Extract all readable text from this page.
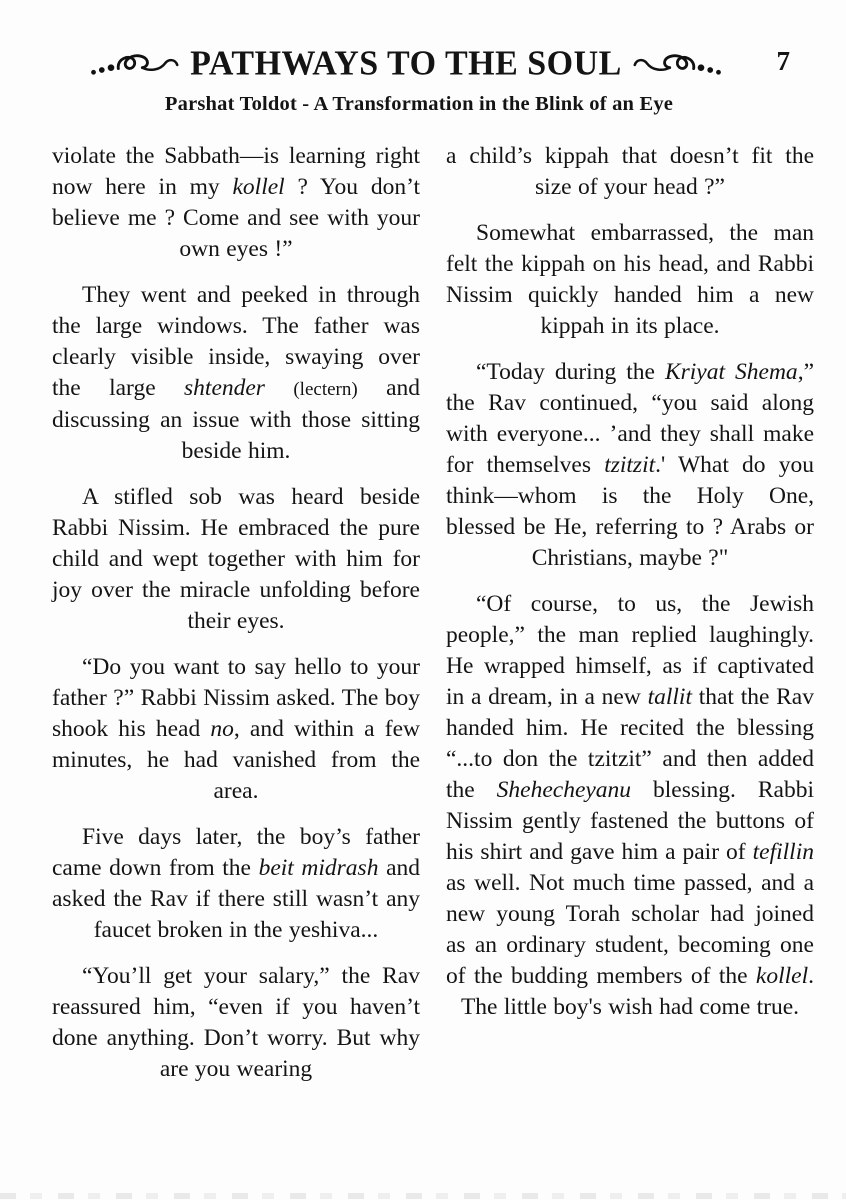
PATHWAYS TO THE SOUL	7
Parshat Toldot - A Transformation in the Blink of an Eye

violate the Sabbath—is learning right now here in my kollel ? You don’t believe me ? Come and see with your own eyes !”

They went and peeked in through the large windows. The father was clearly visible inside, swaying over the large shtender (lectern) and discussing an issue with those sitting beside him.

A stifled sob was heard beside Rabbi Nissim. He embraced the pure child and wept together with him for joy over the miracle unfolding before their eyes.

“Do you want to say hello to your father ?” Rabbi Nissim asked. The boy shook his head no, and within a few minutes, he had vanished from the area.

Five days later, the boy’s father came down from the beit midrash and asked the Rav if there still wasn’t any faucet broken in the yeshiva...

“You’ll get your salary,” the Rav reassured him, “even if you haven’t done anything. Don’t worry. But why are you wearing

a child’s kippah that doesn’t fit the size of your head ?”

Somewhat embarrassed, the man felt the kippah on his head, and Rabbi Nissim quickly handed him a new kippah in its place.

“Today during the Kriyat Shema,” the Rav continued, “you said along with everyone... ’and they shall make for themselves tzitzit.' What do you think—whom is the Holy One, blessed be He, referring to ? Arabs or Christians, maybe ?"

“Of course, to us, the Jewish people,” the man replied laughingly. He wrapped himself, as if captivated in a dream, in a new tallit that the Rav handed him. He recited the blessing “...to don the tzitzit” and then added the Shehecheyanu blessing. Rabbi Nissim gently fastened the buttons of his shirt and gave him a pair of tefillin as well. Not much time passed, and a new young Torah scholar had joined as an ordinary student, becoming one of the budding members of the kollel. The little boy's wish had come true.
